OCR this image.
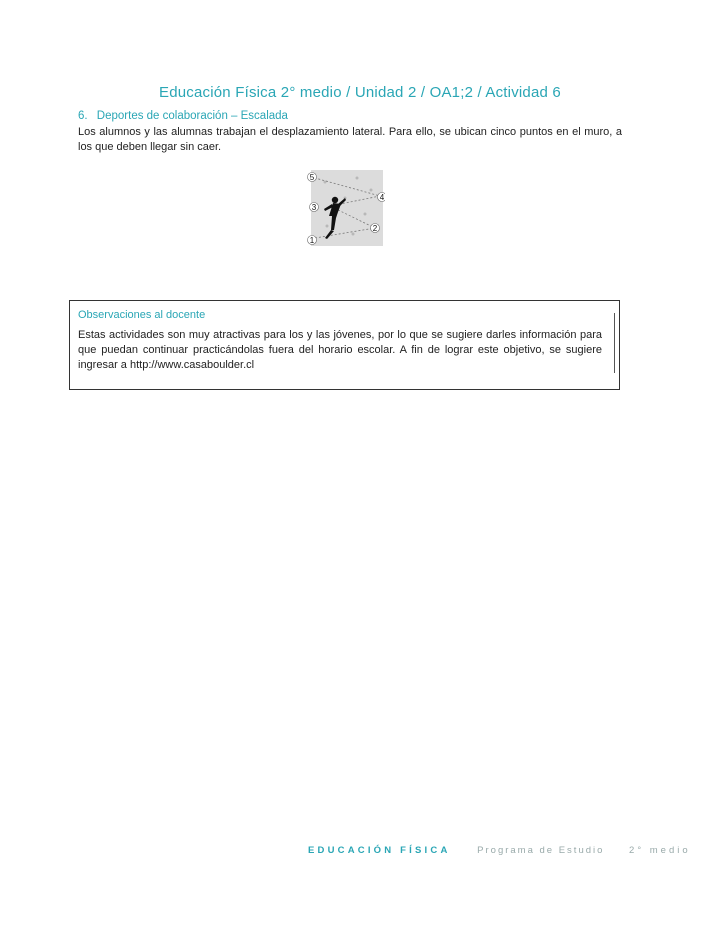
Educación Física 2° medio / Unidad 2 / OA1;2 / Actividad 6
6. Deportes de colaboración – Escalada
Los alumnos y las alumnas trabajan el desplazamiento lateral. Para ello, se ubican cinco puntos en el muro, a los que deben llegar sin caer.
5
4
3
2
1
Observaciones al docente
Estas actividades son muy atractivas para los y las jóvenes, por lo que se sugiere darles información para que puedan continuar practicándolas fuera del horario escolar. A fin de lograr este objetivo, se sugiere ingresar a http://www.casaboulder.cl
EDUCACIÓN FÍSICA	Programa de Estudio	2° medio
